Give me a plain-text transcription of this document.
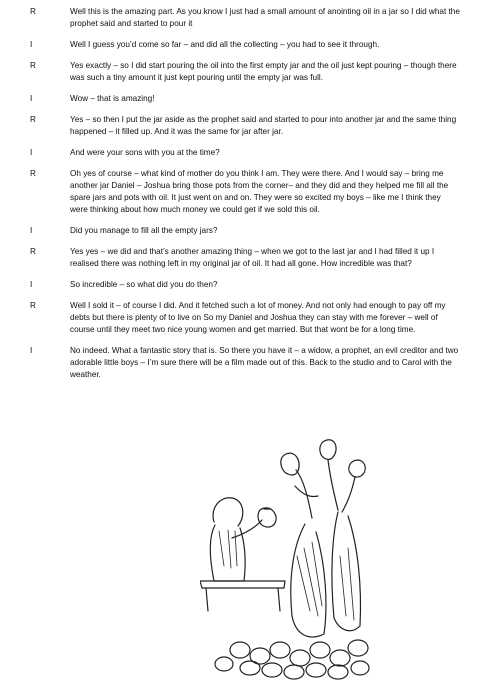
R	Well this is the amazing part. As you know I just had a small amount of anointing oil in a jar so I did what the prophet said and started to pour it
I	Well I guess you’d come so far – and did all the collecting – you had to see it through.
R	Yes exactly – so I did start pouring the oil into the first empty jar and the oil just kept pouring – though there was such a tiny amount it just kept pouring until the empty jar was full.
I	Wow – that is amazing!
R	Yes – so then I put the jar aside as the prophet said and started to pour into another jar and the same thing happened – it filled up. And it was the same for jar after jar.
I	And were your sons with you at the time?
R	Oh yes of course – what kind of mother do you think I am. They were there. And I would say – bring me another jar Daniel – Joshua bring those pots from the corner– and they did and they helped me fill all the spare jars and pots with oil. It just went on and on. They were so excited my boys – like me I think they were thinking about how much money we could get if we sold this oil.
I	Did you manage to fill all the empty jars?
R	Yes yes – we did and that’s another amazing thing – when we got to the last jar and I had filled it up I realised there was nothing left in my original jar of oil. It had all gone. How incredible was that?
I	So incredible – so what did you do then?
R	Well I sold it – of course I did. And it fetched such a lot of money. And not only had enough to pay off my debts but there is plenty of to live on So my Daniel and Joshua they can stay with me forever – well of course until they meet two nice young women and get married. But that wont be for a long time.
I	No indeed. What a fantastic story that is. So there you have it – a widow, a prophet, an evil creditor and two adorable little boys – I’m sure there will be a film made out of this. Back to the studio and to Carol with the weather.
